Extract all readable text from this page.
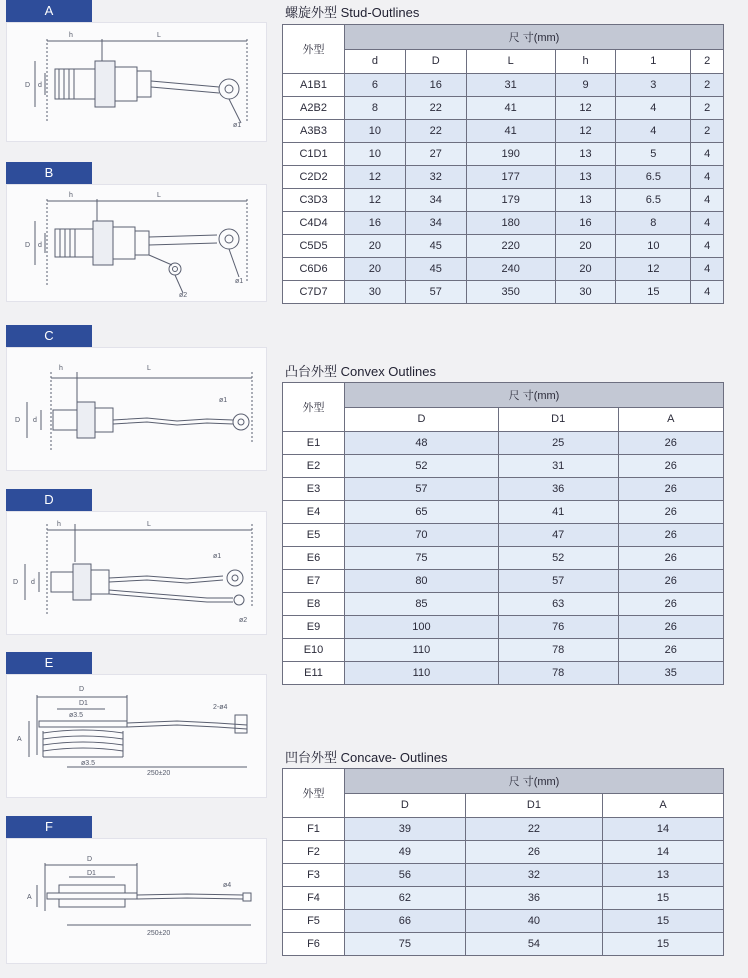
A
h	L
D d
ø1
B
h	L
D d
ø1
ø2
C
h	L
D d
ø1
D
h	L
D d
ø1
ø2
E
D
D1
ø3.5
ø3.5
2-ø4
A
250±20
F
D
D1
ø4
A
250±20
螺旋外型 Stud-Outlines
外型	尺 寸(mm)					
	d	D	L	h	1	2
A1B1	6	16	31	9	3	2
A2B2	8	22	41	12	4	2
A3B3	10	22	41	12	4	2
C1D1	10	27	190	13	5	4
C2D2	12	32	177	13	6.5	4
C3D3	12	34	179	13	6.5	4
C4D4	16	34	180	16	8	4
C5D5	20	45	220	20	10	4
C6D6	20	45	240	20	12	4
C7D7	30	57	350	30	15	4
凸台外型 Convex Outlines
外型	尺 寸(mm)		
	D	D1	A
E1	48	25	26
E2	52	31	26
E3	57	36	26
E4	65	41	26
E5	70	47	26
E6	75	52	26
E7	80	57	26
E8	85	63	26
E9	100	76	26
E10	110	78	26
E11	110	78	35
凹台外型 Concave- Outlines
外型	尺 寸(mm)		
	D	D1	A
F1	39	22	14
F2	49	26	14
F3	56	32	13
F4	62	36	15
F5	66	40	15
F6	75	54	15
